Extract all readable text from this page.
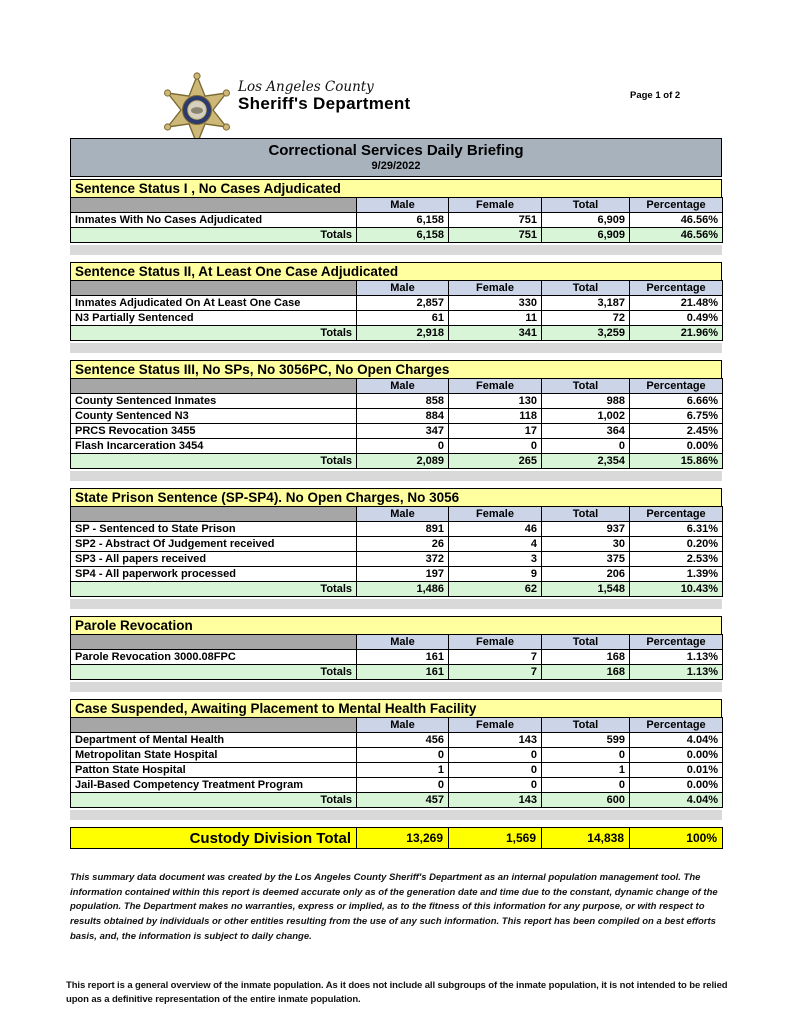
Los Angeles County
Sheriff's Department	Page 1 of 2
Correctional Services Daily Briefing
9/29/2022
Sentence Status I , No Cases Adjudicated
	Male	Female	Total	Percentage
Inmates With No Cases Adjudicated	6,158	751	6,909	46.56%
Totals	6,158	751	6,909	46.56%
Sentence Status II, At Least One Case Adjudicated
	Male	Female	Total	Percentage
Inmates Adjudicated On At Least One Case	2,857	330	3,187	21.48%
N3 Partially Sentenced	61	11	72	0.49%
Totals	2,918	341	3,259	21.96%
Sentence Status III, No SPs, No 3056PC, No Open Charges
	Male	Female	Total	Percentage
County Sentenced Inmates	858	130	988	6.66%
County Sentenced N3	884	118	1,002	6.75%
PRCS Revocation 3455	347	17	364	2.45%
Flash Incarceration 3454	0	0	0	0.00%
Totals	2,089	265	2,354	15.86%
State Prison Sentence (SP-SP4). No Open Charges, No 3056
	Male	Female	Total	Percentage
SP - Sentenced to State Prison	891	46	937	6.31%
SP2 - Abstract Of Judgement received	26	4	30	0.20%
SP3 - All papers received	372	3	375	2.53%
SP4 - All paperwork processed	197	9	206	1.39%
Totals	1,486	62	1,548	10.43%
Parole Revocation
	Male	Female	Total	Percentage
Parole Revocation 3000.08FPC	161	7	168	1.13%
Totals	161	7	168	1.13%
Case Suspended, Awaiting Placement to Mental Health Facility
	Male	Female	Total	Percentage
Department of Mental Health	456	143	599	4.04%
Metropolitan State Hospital	0	0	0	0.00%
Patton State Hospital	1	0	1	0.01%
Jail-Based Competency Treatment Program	0	0	0	0.00%
Totals	457	143	600	4.04%
Custody Division Total	13,269	1,569	14,838	100%
This summary data document was created by the Los Angeles County Sheriff's Department as an internal population management tool. The information contained within this report is deemed accurate only as of the generation date and time due to the constant, dynamic change of the population. The Department makes no warranties, express or implied, as to the fitness of this information for any purpose, or with respect to results obtained by individuals or other entities resulting from the use of any such information. This report has been compiled on a best efforts basis, and, the information is subject to daily change.
This report is a general overview of the inmate population. As it does not include all subgroups of the inmate population, it is not intended to be relied upon as a definitive representation of the entire inmate population.
